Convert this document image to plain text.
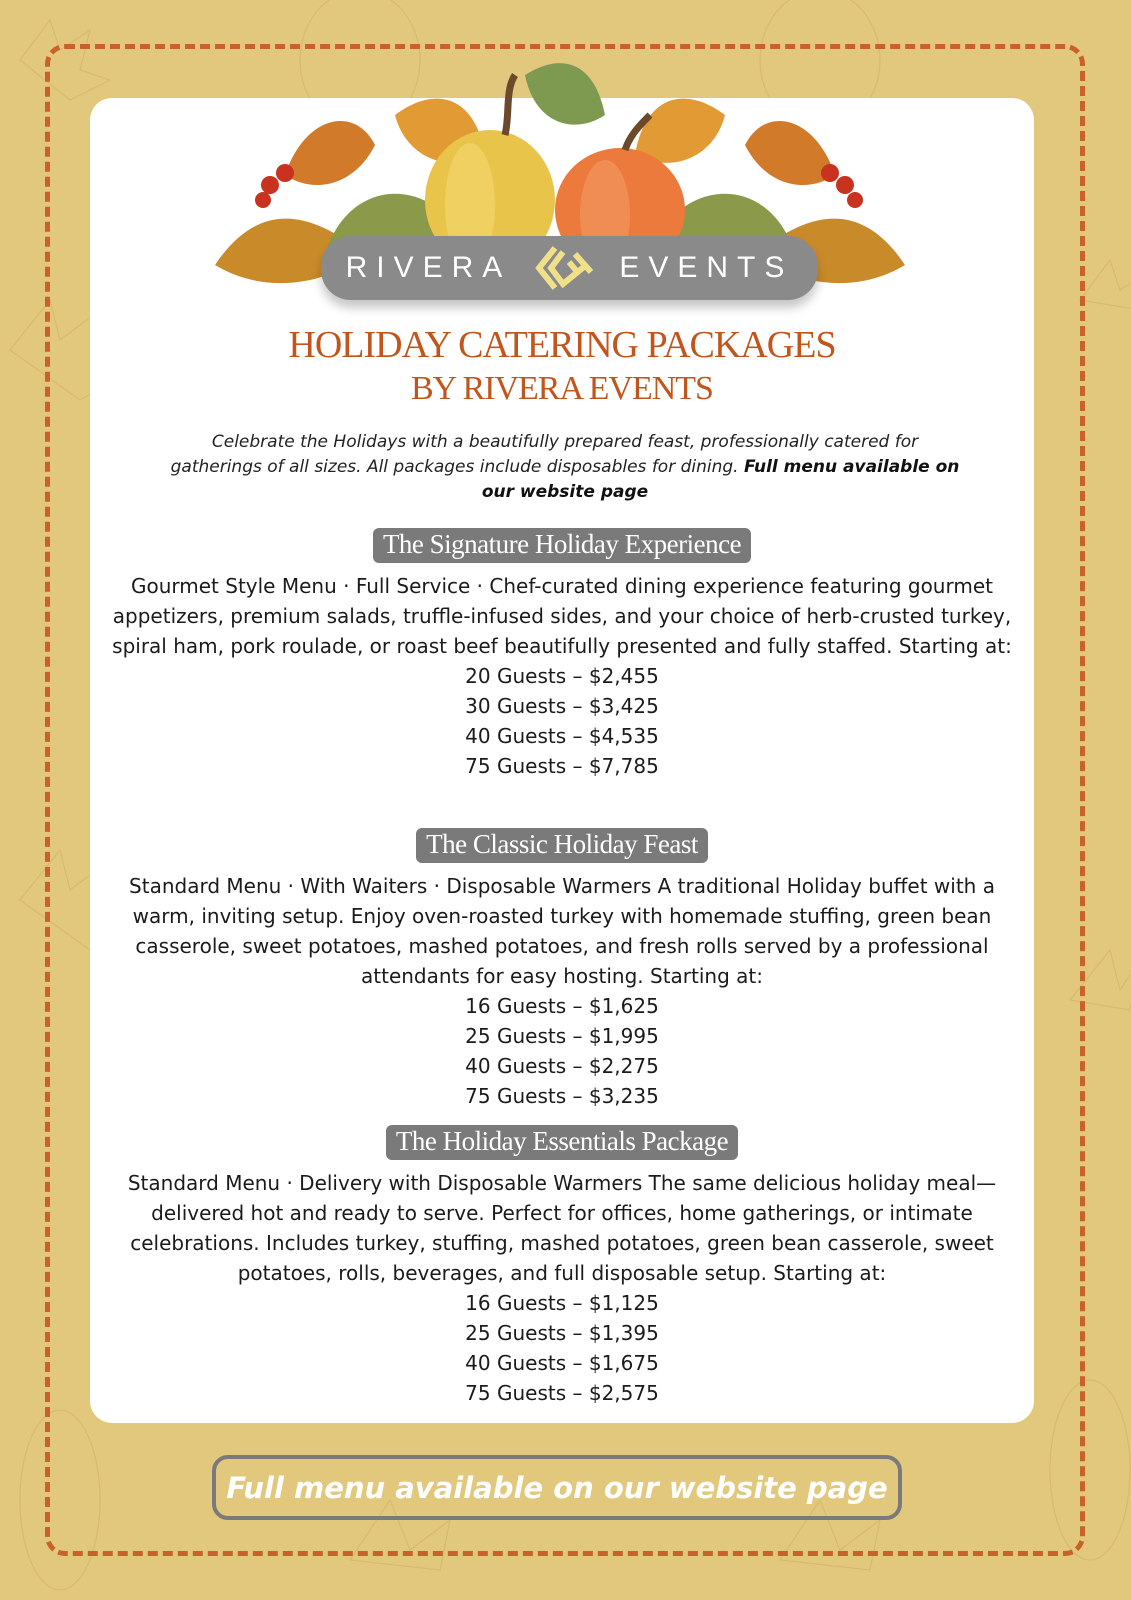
RIVERA	EVENTS
HOLIDAY CATERING PACKAGES
BY RIVERA EVENTS
Celebrate the Holidays with a beautifully prepared feast, professionally catered for gatherings of all sizes. All packages include disposables for dining. Full menu available on our website page
The Signature Holiday Experience
Gourmet Style Menu · Full Service · Chef-curated dining experience featuring gourmet appetizers, premium salads, truffle-infused sides, and your choice of herb-crusted turkey, spiral ham, pork roulade, or roast beef beautifully presented and fully staffed. Starting at:
20 Guests – $2,455
30 Guests – $3,425
40 Guests – $4,535
75 Guests – $7,785
The Classic Holiday Feast
Standard Menu · With Waiters · Disposable Warmers A traditional Holiday buffet with a warm, inviting setup. Enjoy oven-roasted turkey with homemade stuffing, green bean casserole, sweet potatoes, mashed potatoes, and fresh rolls served by a professional attendants for easy hosting. Starting at:
16 Guests – $1,625
25 Guests – $1,995
40 Guests – $2,275
75 Guests – $3,235
The Holiday Essentials Package
Standard Menu · Delivery with Disposable Warmers The same delicious holiday meal—delivered hot and ready to serve. Perfect for offices, home gatherings, or intimate celebrations. Includes turkey, stuffing, mashed potatoes, green bean casserole, sweet potatoes, rolls, beverages, and full disposable setup. Starting at:
16 Guests – $1,125
25 Guests – $1,395
40 Guests – $1,675
75 Guests – $2,575
Full menu available on our website page
